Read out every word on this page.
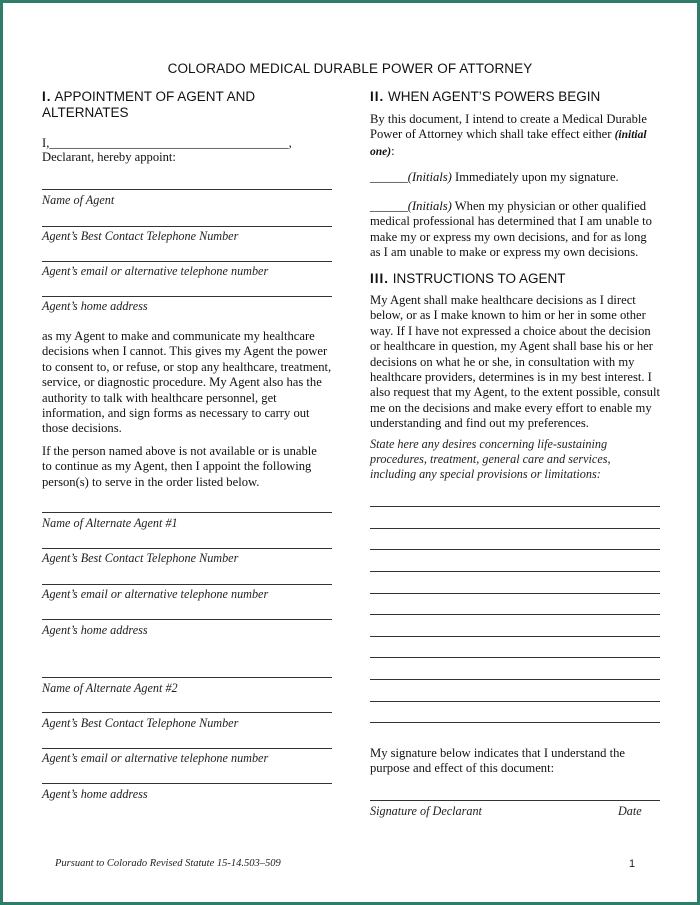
COLORADO MEDICAL DURABLE POWER OF ATTORNEY
I. APPOINTMENT OF AGENT AND ALTERNATES
I,______________________________________,
Declarant, hereby appoint:
Name of Agent
Agent’s Best Contact Telephone Number
Agent’s email or alternative telephone number
Agent’s home address
as my Agent to make and communicate my healthcare decisions when I cannot. This gives my Agent the power to consent to, or refuse, or stop any healthcare, treatment, service, or diagnostic procedure. My Agent also has the authority to talk with healthcare personnel, get information, and sign forms as necessary to carry out those decisions.
If the person named above is not available or is unable to continue as my Agent, then I appoint the following person(s) to serve in the order listed below.
Name of Alternate Agent #1
Agent’s Best Contact Telephone Number
Agent’s email or alternative telephone number
Agent’s home address
Name of Alternate Agent #2
Agent’s Best Contact Telephone Number
Agent’s email or alternative telephone number
Agent’s home address
II. WHEN AGENT’S POWERS BEGIN
By this document, I intend to create a Medical Durable Power of Attorney which shall take effect either (initial one):
______(Initials) Immediately upon my signature.
______(Initials) When my physician or other qualified medical professional has determined that I am unable to make my or express my own decisions, and for as long as I am unable to make or express my own decisions.
III. INSTRUCTIONS TO AGENT
My Agent shall make healthcare decisions as I direct below, or as I make known to him or her in some other way. If I have not expressed a choice about the decision or healthcare in question, my Agent shall base his or her decisions on what he or she, in consultation with my healthcare providers, determines is in my best interest. I also request that my Agent, to the extent possible, consult me on the decisions and make every effort to enable my understanding and find out my preferences.
State here any desires concerning life-sustaining procedures, treatment, general care and services, including any special provisions or limitations:
My signature below indicates that I understand the purpose and effect of this document:
Signature of Declarant	Date
Pursuant to Colorado Revised Statute 15-14.503–509	1
